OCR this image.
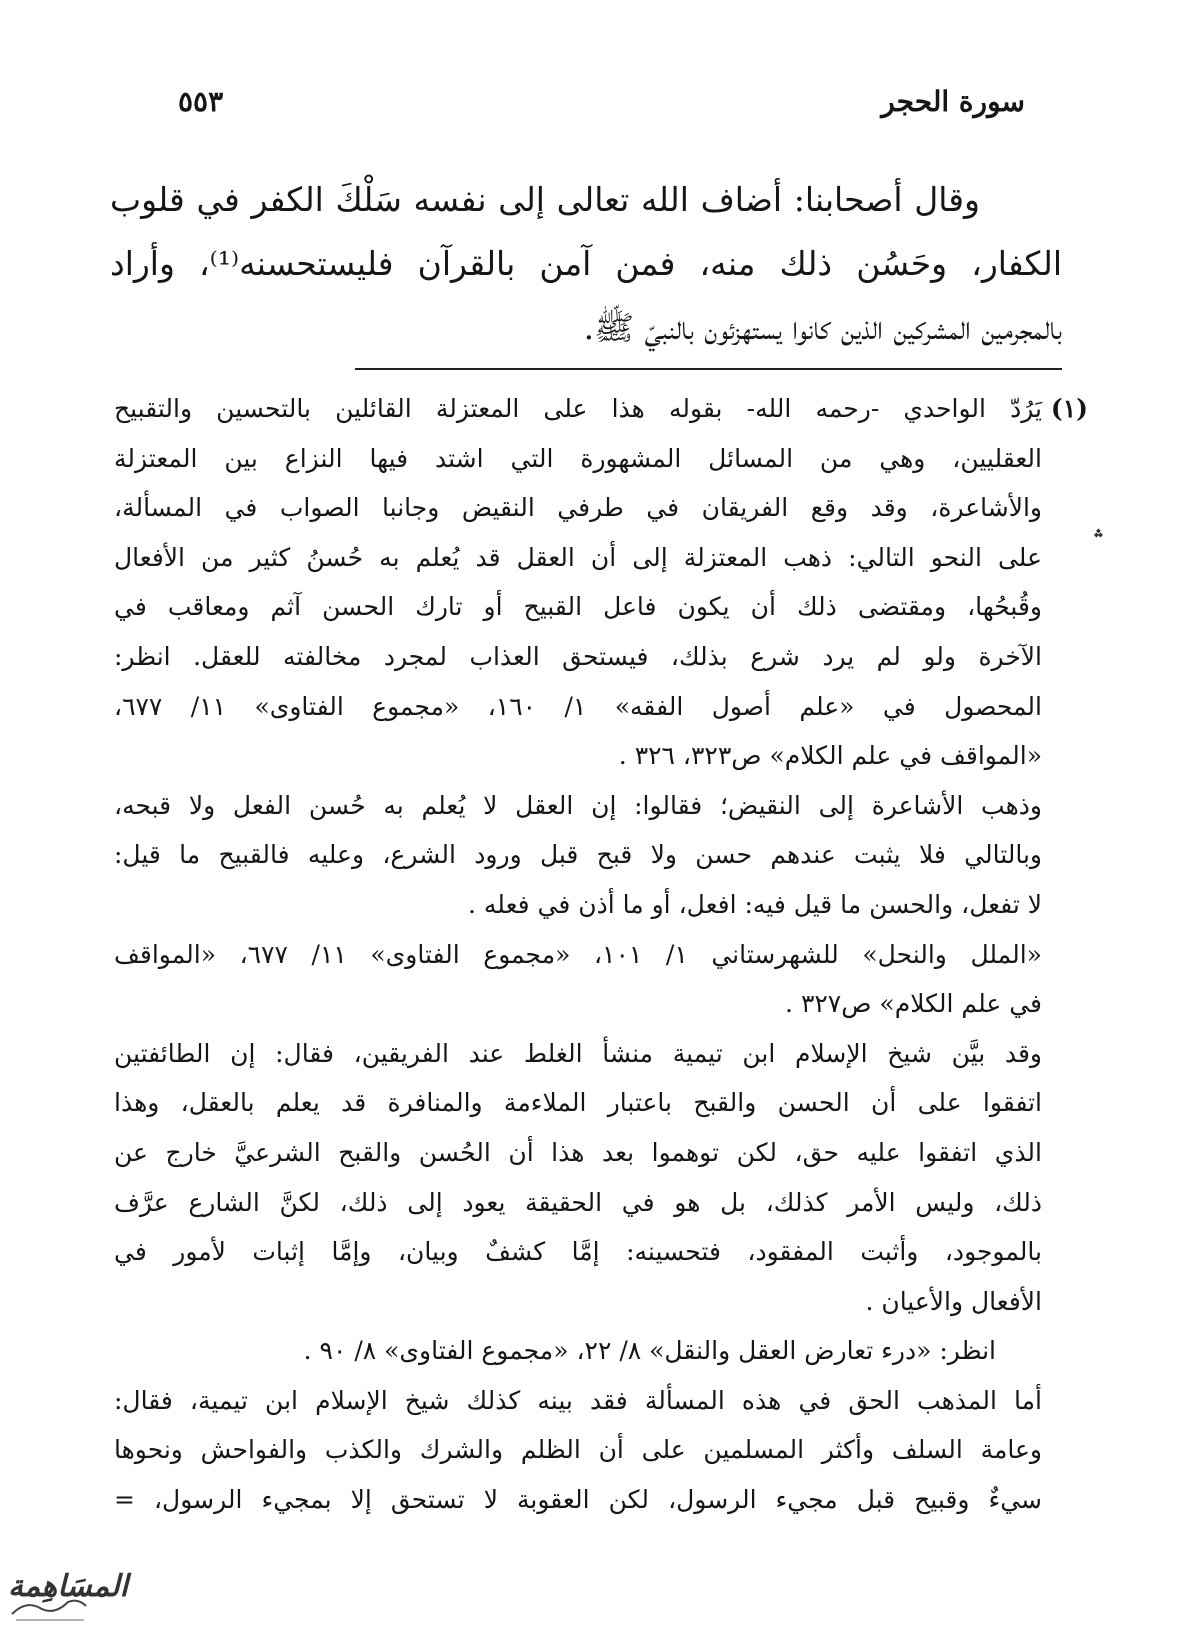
سورة الحجر
٥٥٣
وقال أصحابنا: أضاف الله تعالى إلى نفسه سَلْكَ الكفر في قلوب
الكفار، وحَسُن ذلك منه، فمن آمن بالقرآن فليستحسنه⁽¹⁾، وأراد
بالمجرمين المشركين الذين كانوا يستهزئون بالنبيّ ﷺ.
(١)
يَرُدّ الواحدي -رحمه الله- بقوله هذا على المعتزلة القائلين بالتحسين والتقبيح
العقليين، وهي من المسائل المشهورة التي اشتد فيها النزاع بين المعتزلة
والأشاعرة، وقد وقع الفريقان في طرفي النقيض وجانبا الصواب في المسألة،
على النحو التالي: ذهب المعتزلة إلى أن العقل قد يُعلم به حُسنُ كثير من الأفعال
وقُبحُها، ومقتضى ذلك أن يكون فاعل القبيح أو تارك الحسن آثم ومعاقب في
الآخرة ولو لم يرد شرع بذلك، فيستحق العذاب لمجرد مخالفته للعقل. انظر:
المحصول في «علم أصول الفقه» ١/ ١٦٠، «مجموع الفتاوى» ١١/ ٦٧٧،
«المواقف في علم الكلام» ص٣٢٣، ٣٢٦ .
وذهب الأشاعرة إلى النقيض؛ فقالوا: إن العقل لا يُعلم به حُسن الفعل ولا قبحه،
وبالتالي فلا يثبت عندهم حسن ولا قبح قبل ورود الشرع، وعليه فالقبيح ما قيل:
لا تفعل، والحسن ما قيل فيه: افعل، أو ما أذن في فعله .
«الملل والنحل» للشهرستاني ١/ ١٠١، «مجموع الفتاوى» ١١/ ٦٧٧، «المواقف
في علم الكلام» ص٣٢٧ .
وقد بيَّن شيخ الإسلام ابن تيمية منشأ الغلط عند الفريقين، فقال: إن الطائفتين
اتفقوا على أن الحسن والقبح باعتبار الملاءمة والمنافرة قد يعلم بالعقل، وهذا
الذي اتفقوا عليه حق، لكن توهموا بعد هذا أن الحُسن والقبح الشرعيَّ خارج عن
ذلك، وليس الأمر كذلك، بل هو في الحقيقة يعود إلى ذلك، لكنَّ الشارع عرَّف
بالموجود، وأثبت المفقود، فتحسينه: إمَّا كشفٌ وبيان، وإمَّا إثبات لأمور في
الأفعال والأعيان .
انظر: «درء تعارض العقل والنقل» ٨/ ٢٢، «مجموع الفتاوى» ٨/ ٩٠ .
أما المذهب الحق في هذه المسألة فقد بينه كذلك شيخ الإسلام ابن تيمية، فقال:
وعامة السلف وأكثر المسلمين على أن الظلم والشرك والكذب والفواحش ونحوها
سيءٌ وقبيح قبل مجيء الرسول، لكن العقوبة لا تستحق إلا بمجيء الرسول، =
؞
المسَاهِمة
